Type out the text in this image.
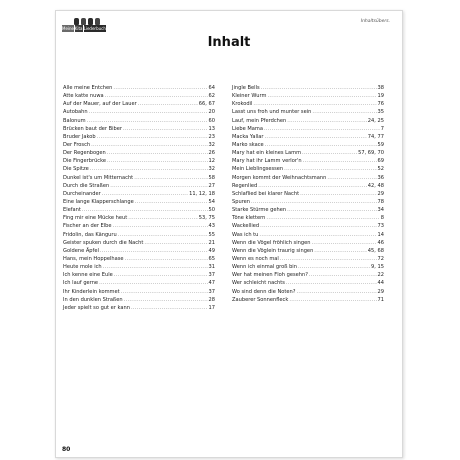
Meine Kita Liederbuch
Inhaltsübers.
Inhalt
Alle meine Entchen .....	64
Atte katte nuwa .....	62
Auf der Mauer, auf der Lauer .....	66, 67
Autobahn .....	20
Balonum .....	60
Brücken baut der Biber .....	13
Bruder Jakob .....	23
Der Frosch .....	32
Der Regenbogen .....	26
Die Fingerbrücke .....	12
Die Spitze .....	32
Dunkel ist's um Mitternacht .....	58
Durch die Straßen .....	27
Durcheinander .....	11, 12, 18
Eine lange Klapperschlange .....	54
Elefant .....	50
Fing mir eine Mücke heut .....	53, 75
Fischer an der Elbe .....	43
Fridolin, das Känguru .....	55
Geister spuken durch die Nacht .....	21
Goldene Äpfel .....	49
Hans, mein Hoppelhase .....	65
Heute mole ich .....	31
Ich kenne eine Eule .....	37
Ich lauf gerne .....	47
Ihr Kinderlein kommet .....	37
In den dunklen Straßen .....	28
Jeder spielt so gut er kann .....	17
Jingle Bells .....	38
Kleiner Wurm .....	19
Krokodil .....	76
Lasst uns froh und munter sein .....	35
Lauf, mein Pferdchen .....	24, 25
Liebe Mama .....	7
Macka Yallar .....	74, 77
Marko skace .....	59
Mary hat ein kleines Lamm .....	57, 69, 70
Mary hat ihr Lamm verlor'n .....	69
Mein Lieblingsessen .....	52
Morgen kommt der Weihnachtsmann .....	36
Regenlied .....	42, 48
Schlaflied bei klarer Nacht .....	29
Spuren .....	78
Starke Stürme gehen .....	34
Töne klettern .....	8
Wackellied .....	73
Was ich tu .....	14
Wenn die Vögel fröhlich singen .....	46
Wenn die Vöglein traurig singen .....	45, 68
Wenn es noch mal .....	72
Wenn ich einmal groß bin .....	9, 15
Wer hat meinen Floh gesehn? .....	22
Wer schleicht nachts .....	44
Wo sind denn die Noten? .....	29
Zauberer Sonnenfleck .....	71
80
